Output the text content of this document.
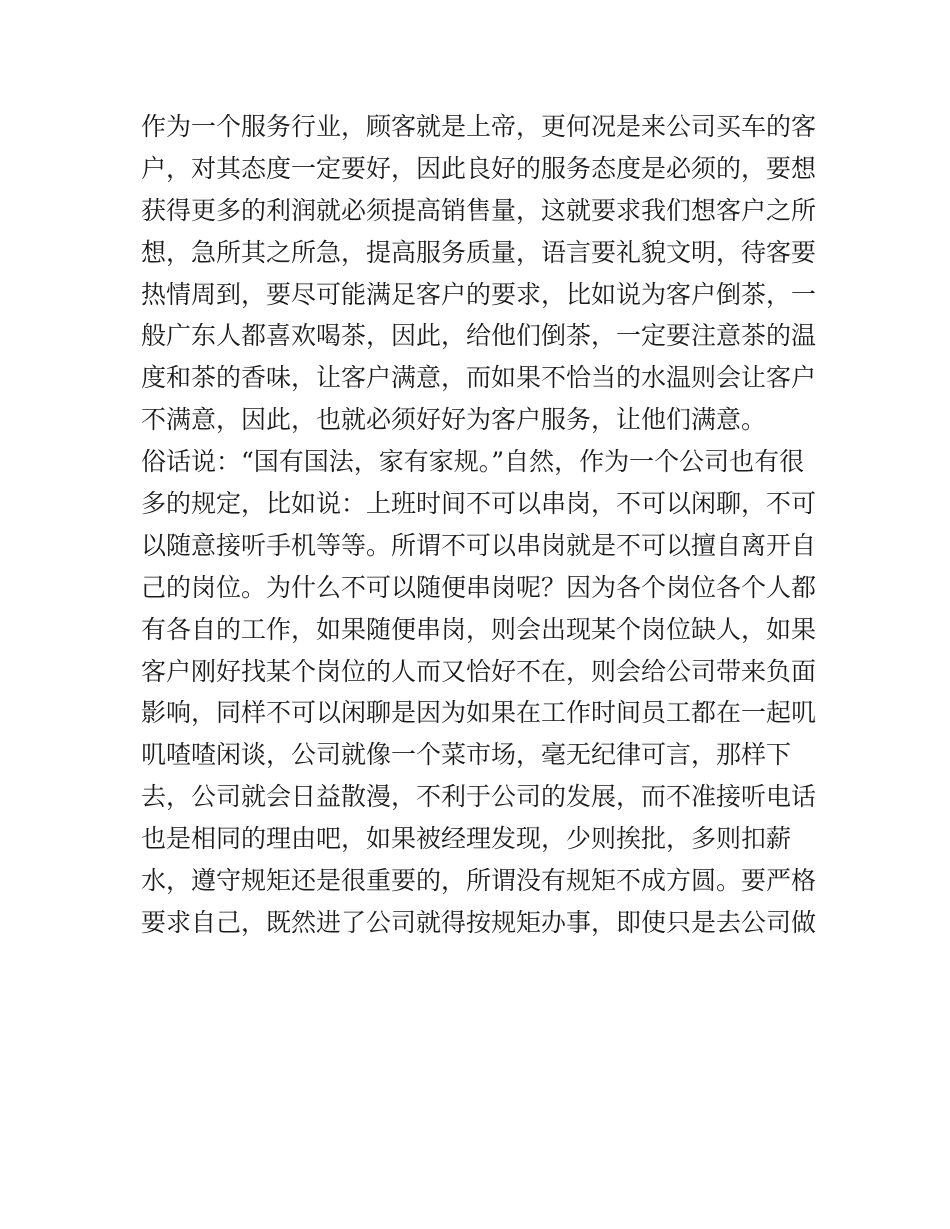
作为一个服务行业，顾客就是上帝，更何况是来公司买车的客
户，对其态度一定要好，因此良好的服务态度是必须的，要想
获得更多的利润就必须提高销售量，这就要求我们想客户之所
想，急所其之所急，提高服务质量，语言要礼貌文明，待客要
热情周到，要尽可能满足客户的要求，比如说为客户倒茶，一
般广东人都喜欢喝茶，因此，给他们倒茶，一定要注意茶的温
度和茶的香味，让客户满意，而如果不恰当的水温则会让客户
不满意，因此，也就必须好好为客户服务，让他们满意。
俗话说：“国有国法，家有家规。”自然，作为一个公司也有很
多的规定，比如说：上班时间不可以串岗，不可以闲聊，不可
以随意接听手机等等。所谓不可以串岗就是不可以擅自离开自
己的岗位。为什么不可以随便串岗呢？因为各个岗位各个人都
有各自的工作，如果随便串岗，则会出现某个岗位缺人，如果
客户刚好找某个岗位的人而又恰好不在，则会给公司带来负面
影响，同样不可以闲聊是因为如果在工作时间员工都在一起叽
叽喳喳闲谈，公司就像一个菜市场，毫无纪律可言，那样下
去，公司就会日益散漫，不利于公司的发展，而不准接听电话
也是相同的理由吧，如果被经理发现，少则挨批，多则扣薪
水，遵守规矩还是很重要的，所谓没有规矩不成方圆。要严格
要求自己，既然进了公司就得按规矩办事，即使只是去公司做
